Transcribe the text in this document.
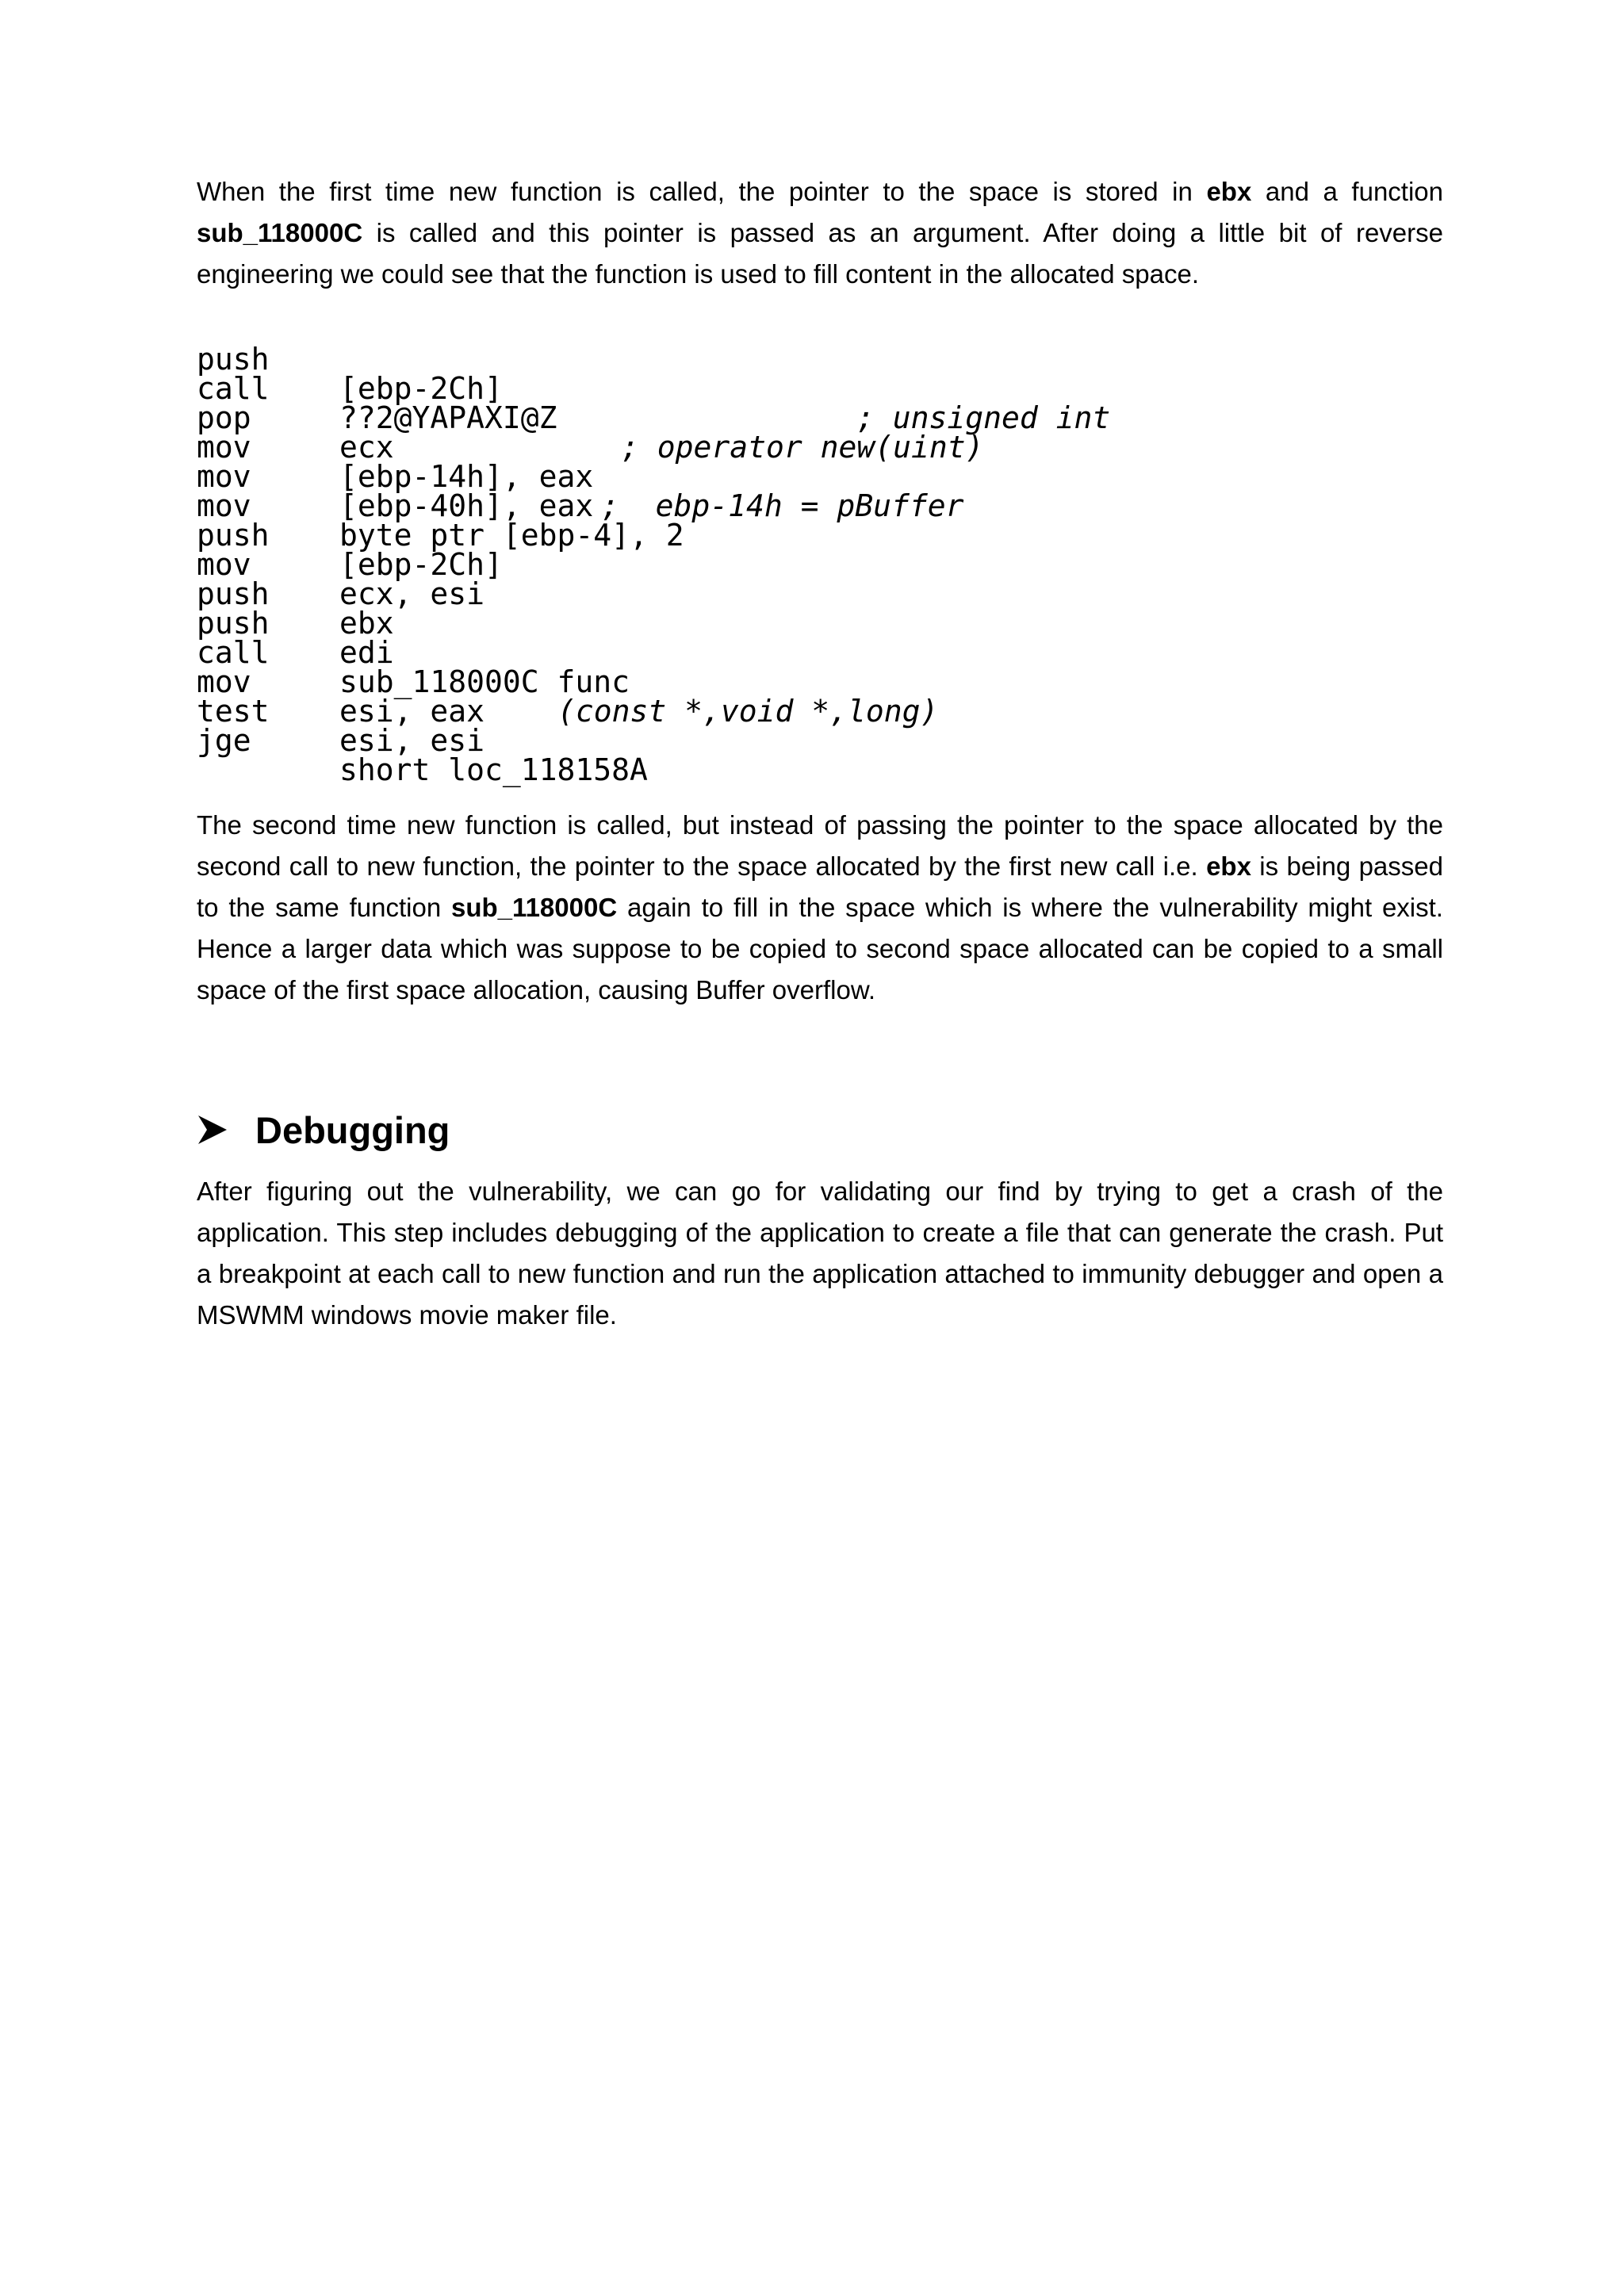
When the first time new function is called, the pointer to the space is stored in ebx and a function sub_118000C is called and this pointer is passed as an argument. After doing a little bit of reverse engineering we could see that the function is used to fill content in the allocated space.

push

[ebp-2Ch]

; unsigned int

call

??2@YAPAXI@Z

; operator new(uint)

pop

ecx

mov

[ebp-14h], eax

;  ebp-14h = pBuffer

mov

[ebp-40h], eax

mov

byte ptr [ebp-4], 2

push

[ebp-2Ch]

mov

ecx, esi

push

ebx

push

edi

call

sub_118000C func

(const *,void *,long)

mov

esi, eax

test

esi, esi

jge

short loc_118158A

The second time new function is called, but instead of passing the pointer to the space allocated by the second call to new function, the pointer to the space allocated by the first new call i.e. ebx is being passed to the same function sub_118000C again to fill in the space which is where the vulnerability might exist. Hence a larger data which was suppose to be copied to second space allocated can be copied to a small space of the first space allocation, causing Buffer overflow.

Debugging

After figuring out the vulnerability, we can go for validating our find by trying to get a crash of the application. This step includes debugging of the application to create a file that can generate the crash. Put a breakpoint at each call to new function and run the application attached to immunity debugger and open a MSWMM windows movie maker file.
